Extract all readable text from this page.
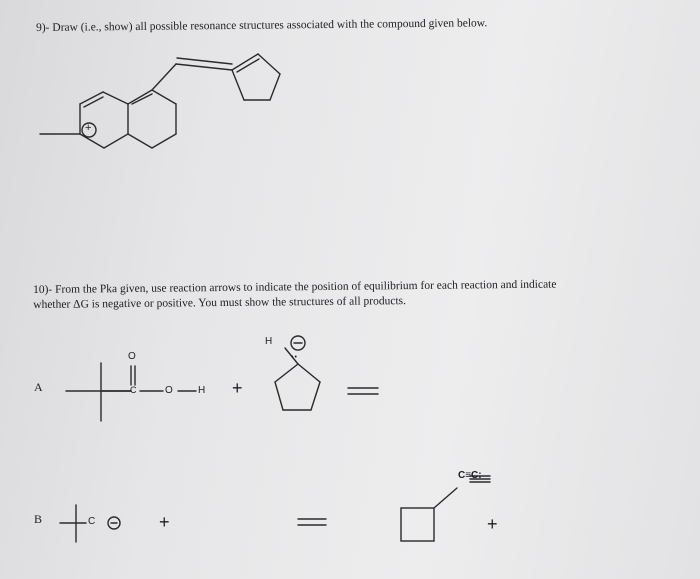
9)- Draw (i.e., show) all possible resonance structures associated with the compound given below.
+
10)- From the Pka given, use reaction arrows to indicate the position of equilibrium for each reaction and indicate
whether ΔG is negative or positive. You must show the structures of all products.
A
O
C	O	H +
H
••
B	C	+
C≡C:
+
